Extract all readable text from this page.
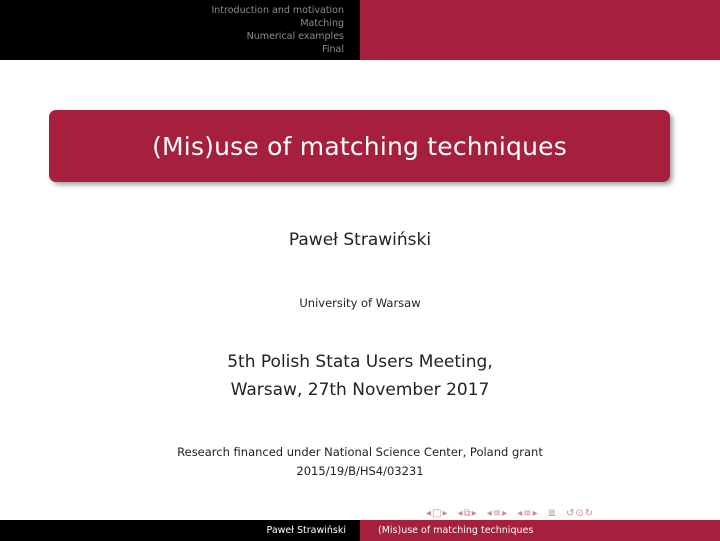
Introduction and motivation
Matching
Numerical examples
Final
(Mis)use of matching techniques
Paweł Strawiński
University of Warsaw
5th Polish Stata Users Meeting,
Warsaw, 27th November 2017
Research financed under National Science Center, Poland grant
2015/19/B/HS4/03231
◂ □ ▸ ◂ ⧉ ▸ ◂ ≡ ▸ ◂ ≡ ▸ ≣ ↺ ⊙ ↻
Paweł Strawiński	(Mis)use of matching techniques
